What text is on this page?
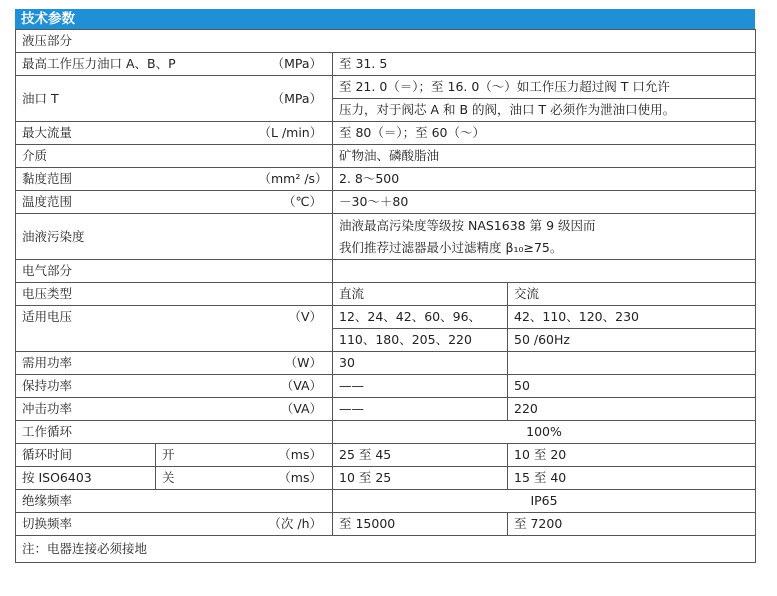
技术参数
液压部分				
最高工作压力油口 A、B、P		（MPa）	至 31. 5	
油口 T		（MPa）	至 21. 0（＝）；至 16. 0（～）如工作压力超过阀 T 口允许
压力，对于阀芯 A 和 B 的阀，油口 T 必须作为泄油口使用。	

最大流量		（L /min）	至 80（＝）；至 60（～）	
介质			矿物油、磷酸脂油	
黏度范围		（mm² /s）	2. 8～500	
温度范围		（℃）	－30～＋80	
油液污染度			油液最高污染度等级按 NAS1638 第 9 级因而
我们推荐过滤器最小过滤精度 β₁₀≥75。	

电气部分				
电压类型			直流	交流
适用电压		（V）	12、24、42、60、96、	42、110、120、230
			110、180、205、220	50 /60Hz
需用功率		（W）	30	
保持功率		（VA）	——	50
冲击功率		（VA）	——	220
工作循环			100%	
循环时间	开	（ms）	25 至 45	10 至 20
按 ISO6403	关	（ms）	10 至 25	15 至 40
绝缘频率			IP65	
切换频率		（次 /h）	至 15000	至 7200
注：电器连接必须接地				
